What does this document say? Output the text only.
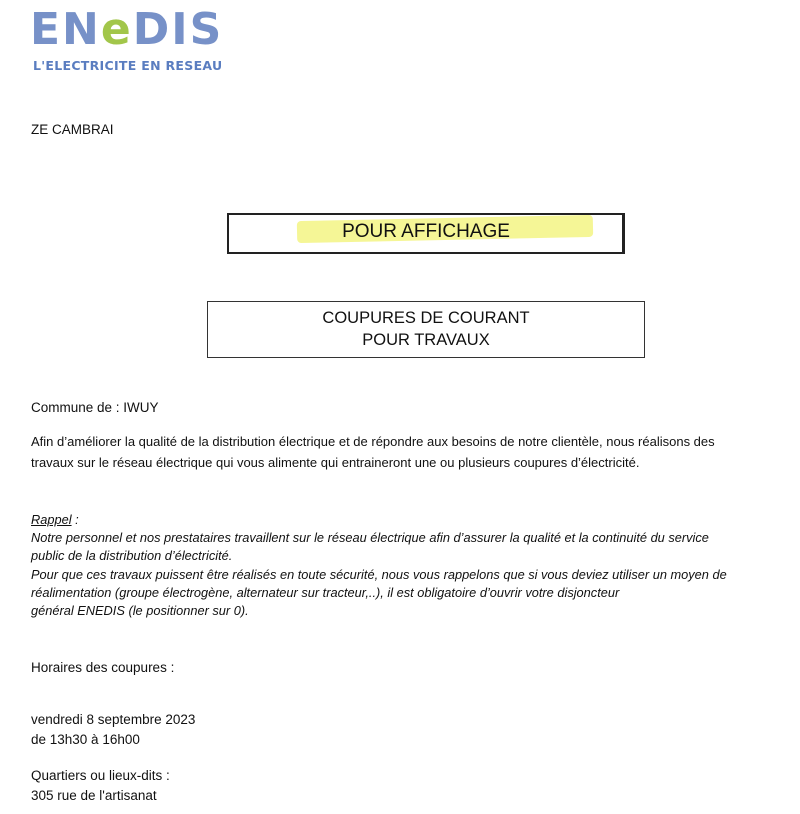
ENeDIS
L'ELECTRICITE EN RESEAU
ZE CAMBRAI
POUR AFFICHAGE
COUPURES DE COURANT
POUR TRAVAUX
Commune de : IWUY
Afin d’améliorer la qualité de la distribution électrique et de répondre aux besoins de notre clientèle, nous réalisons des
travaux sur le réseau électrique qui vous alimente qui entraineront une ou plusieurs coupures d’électricité.
Rappel :
Notre personnel et nos prestataires travaillent sur le réseau électrique afin d’assurer la qualité et la continuité du service
public de la distribution d’électricité.
Pour que ces travaux puissent être réalisés en toute sécurité, nous vous rappelons que si vous deviez utiliser un moyen de
réalimentation (groupe électrogène, alternateur sur tracteur,..), il est obligatoire d’ouvrir votre disjoncteur
général ENEDIS (le positionner sur 0).
Horaires des coupures :
vendredi 8 septembre 2023
de 13h30 à 16h00
Quartiers ou lieux-dits :
305 rue de l'artisanat
